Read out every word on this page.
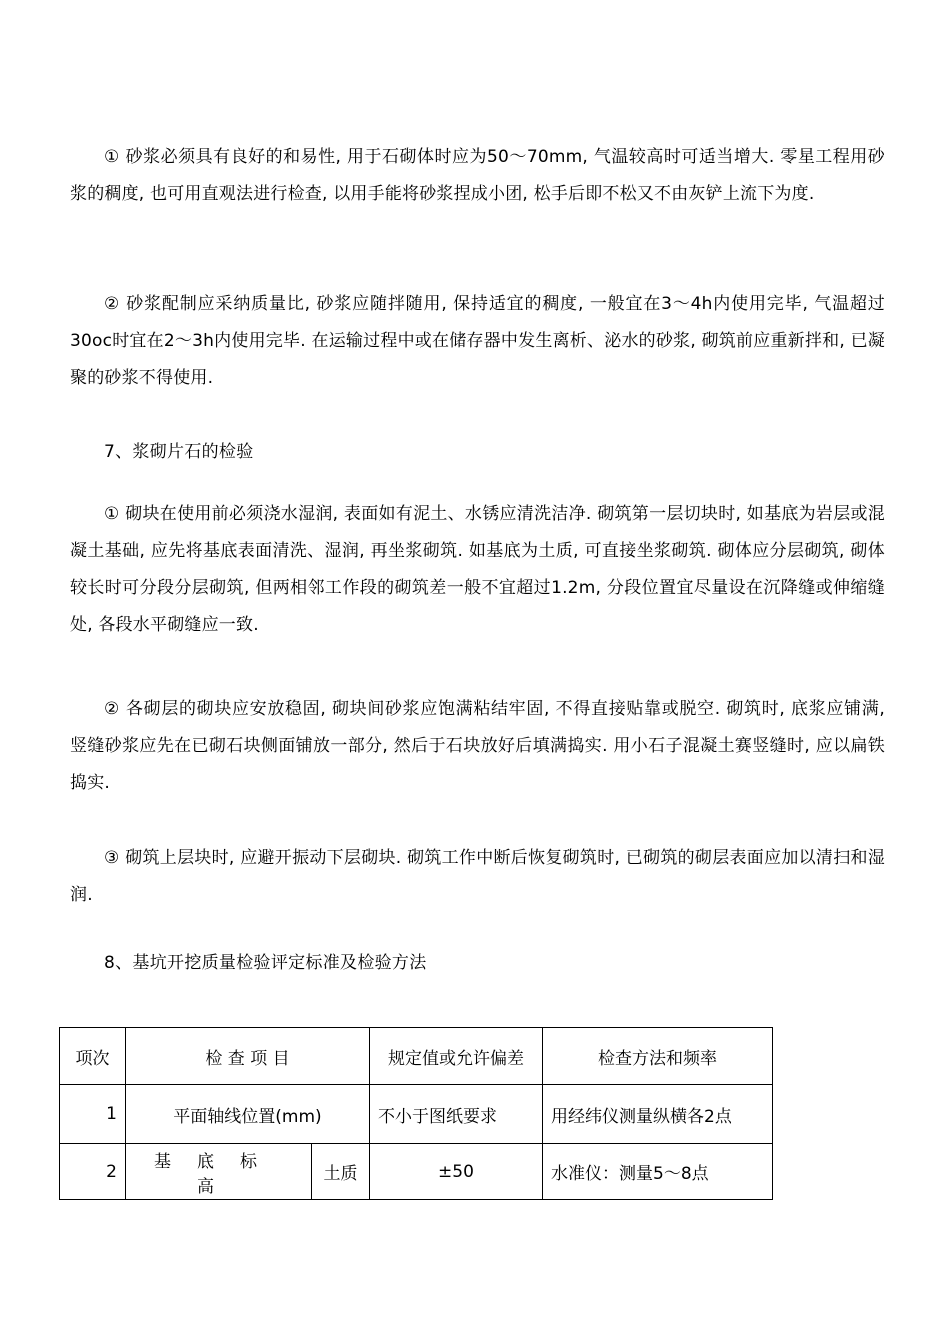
① 砂浆必须具有良好的和易性, 用于石砌体时应为50～70mm, 气温较高时可适当增大. 零星工程用砂浆的稠度, 也可用直观法进行检查, 以用手能将砂浆捏成小团, 松手后即不松又不由灰铲上流下为度.

② 砂浆配制应采纳质量比, 砂浆应随拌随用, 保持适宜的稠度, 一般宜在3～4h内使用完毕, 气温超过30oc时宜在2～3h内使用完毕. 在运输过程中或在储存器中发生离析、泌水的砂浆, 砌筑前应重新拌和, 已凝聚的砂浆不得使用.

7、浆砌片石的检验

① 砌块在使用前必须浇水湿润, 表面如有泥土、水锈应清洗洁净. 砌筑第一层切块时, 如基底为岩层或混凝土基础, 应先将基底表面清洗、湿润, 再坐浆砌筑. 如基底为土质, 可直接坐浆砌筑. 砌体应分层砌筑, 砌体较长时可分段分层砌筑, 但两相邻工作段的砌筑差一般不宜超过1.2m, 分段位置宜尽量设在沉降缝或伸缩缝处, 各段水平砌缝应一致.

② 各砌层的砌块应安放稳固, 砌块间砂浆应饱满粘结牢固, 不得直接贴靠或脱空. 砌筑时, 底浆应铺满, 竖缝砂浆应先在已砌石块侧面铺放一部分, 然后于石块放好后填满捣实. 用小石子混凝土赛竖缝时, 应以扁铁捣实.

③ 砌筑上层块时, 应避开振动下层砌块. 砌筑工作中断后恢复砌筑时, 已砌筑的砌层表面应加以清扫和湿润.

8、基坑开挖质量检验评定标准及检验方法

项次	检 查 项 目		规定值或允许偏差	检查方法和频率
1	平面轴线位置(mm)		不小于图纸要求	用经纬仪测量纵横各2点
2	基底标高	土质	±50	水准仪：测量5～8点
